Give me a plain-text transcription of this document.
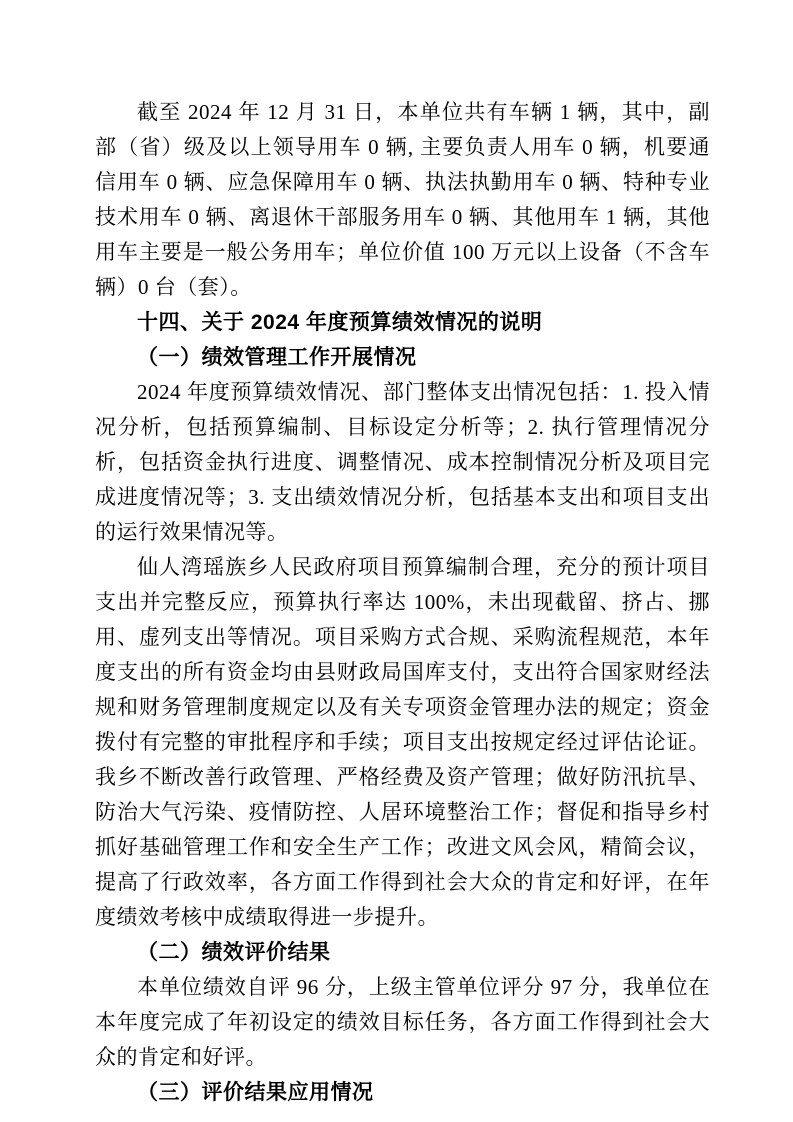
截至 2024 年 12 月 31 日，本单位共有车辆 1 辆，其中，副部（省）级及以上领导用车 0 辆, 主要负责人用车 0 辆，机要通信用车 0 辆、应急保障用车 0 辆、执法执勤用车 0 辆、特种专业技术用车 0 辆、离退休干部服务用车 0 辆、其他用车 1 辆，其他用车主要是一般公务用车；单位价值 100 万元以上设备（不含车辆）0 台（套）。

十四、关于 2024 年度预算绩效情况的说明

（一）绩效管理工作开展情况

2024 年度预算绩效情况、部门整体支出情况包括：1. 投入情况分析，包括预算编制、目标设定分析等；2. 执行管理情况分析，包括资金执行进度、调整情况、成本控制情况分析及项目完成进度情况等；3. 支出绩效情况分析，包括基本支出和项目支出的运行效果情况等。

仙人湾瑶族乡人民政府项目预算编制合理，充分的预计项目支出并完整反应，预算执行率达 100%，未出现截留、挤占、挪用、虚列支出等情况。项目采购方式合规、采购流程规范，本年度支出的所有资金均由县财政局国库支付，支出符合国家财经法规和财务管理制度规定以及有关专项资金管理办法的规定；资金拨付有完整的审批程序和手续；项目支出按规定经过评估论证。我乡不断改善行政管理、严格经费及资产管理；做好防汛抗旱、防治大气污染、疫情防控、人居环境整治工作；督促和指导乡村抓好基础管理工作和安全生产工作；改进文风会风，精简会议，提高了行政效率，各方面工作得到社会大众的肯定和好评，在年度绩效考核中成绩取得进一步提升。

（二）绩效评价结果

本单位绩效自评 96 分，上级主管单位评分 97 分，我单位在本年度完成了年初设定的绩效目标任务，各方面工作得到社会大众的肯定和好评。

（三）评价结果应用情况
